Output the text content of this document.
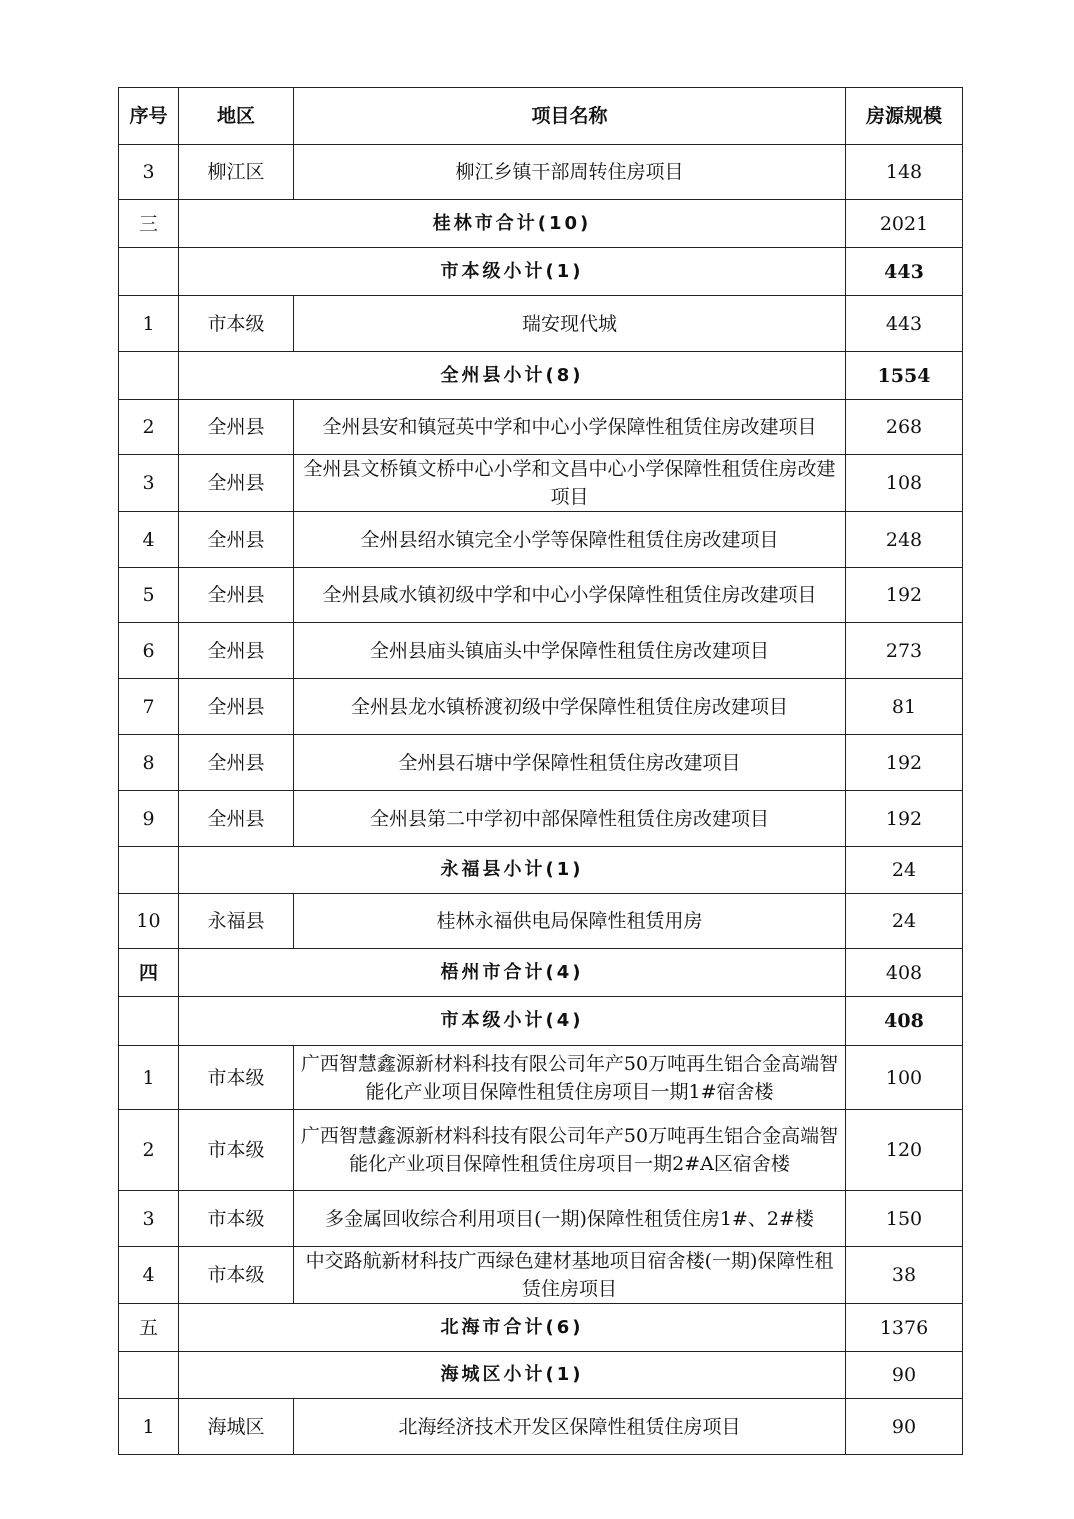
序号	地区	项目名称	房源规模
3	柳江区	柳江乡镇干部周转住房项目	148
三	桂林市合计(10)		2021
	市本级小计(1)		443
1	市本级	瑞安现代城	443
	全州县小计(8)		1554
2	全州县	全州县安和镇冠英中学和中心小学保障性租赁住房改建项目	268
3	全州县	全州县文桥镇文桥中心小学和文昌中心小学保障性租赁住房改建项目	108
4	全州县	全州县绍水镇完全小学等保障性租赁住房改建项目	248
5	全州县	全州县咸水镇初级中学和中心小学保障性租赁住房改建项目	192
6	全州县	全州县庙头镇庙头中学保障性租赁住房改建项目	273
7	全州县	全州县龙水镇桥渡初级中学保障性租赁住房改建项目	81
8	全州县	全州县石塘中学保障性租赁住房改建项目	192
9	全州县	全州县第二中学初中部保障性租赁住房改建项目	192
	永福县小计(1)		24
10	永福县	桂林永福供电局保障性租赁用房	24
四	梧州市合计(4)		408
	市本级小计(4)		408
1	市本级	广西智慧鑫源新材料科技有限公司年产50万吨再生铝合金高端智能化产业项目保障性租赁住房项目一期1#宿舍楼	100
2	市本级	广西智慧鑫源新材料科技有限公司年产50万吨再生铝合金高端智能化产业项目保障性租赁住房项目一期2#A区宿舍楼	120
3	市本级	多金属回收综合利用项目(一期)保障性租赁住房1#、2#楼	150
4	市本级	中交路航新材科技广西绿色建材基地项目宿舍楼(一期)保障性租赁住房项目	38
五	北海市合计(6)		1376
	海城区小计(1)		90
1	海城区	北海经济技术开发区保障性租赁住房项目	90
